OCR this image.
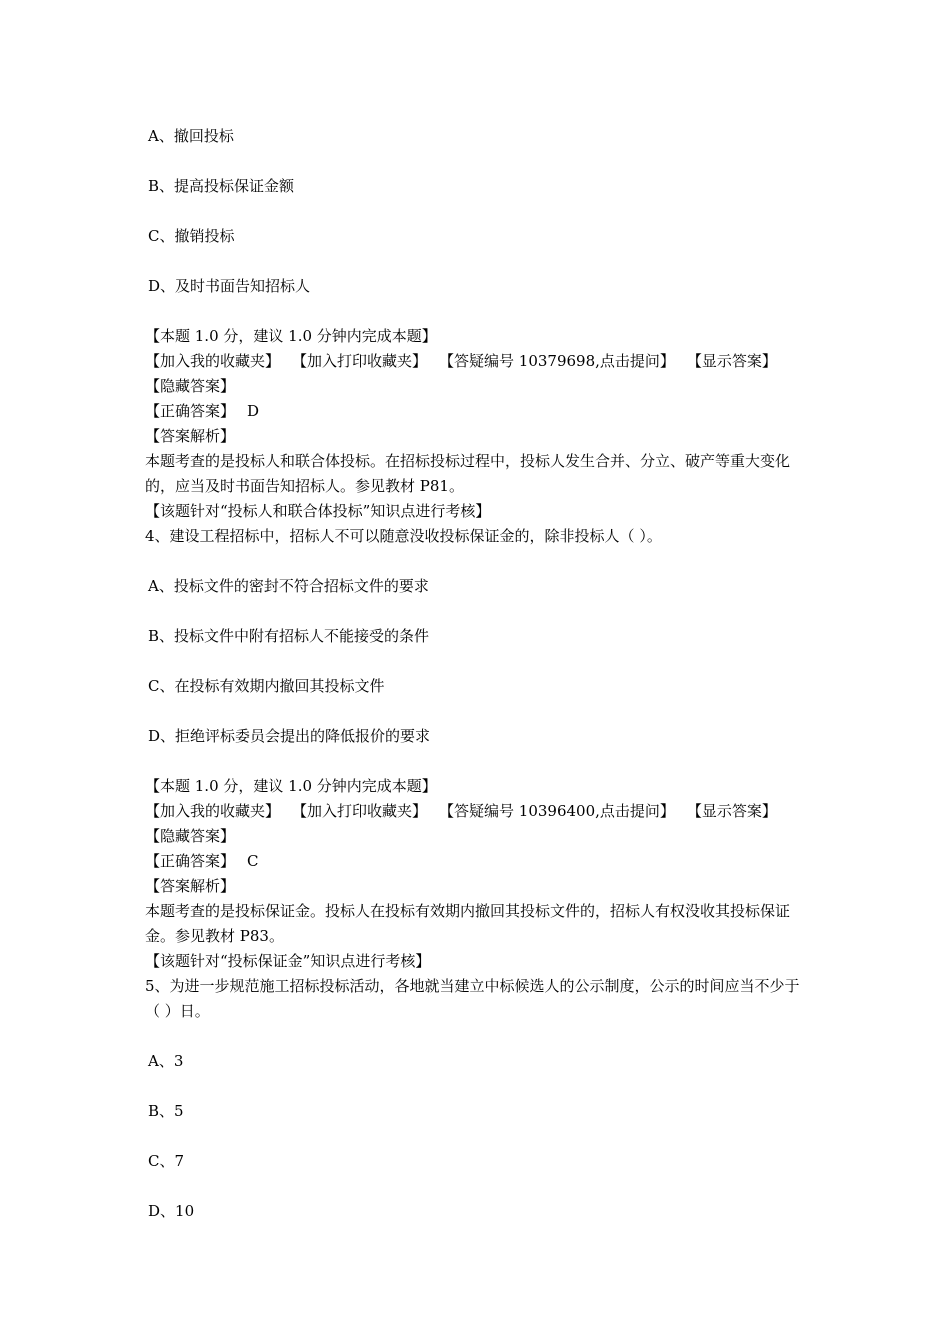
A、撤回投标

B、提高投标保证金额

C、撤销投标

D、及时书面告知招标人

【本题 1.0 分，建议 1.0 分钟内完成本题】

【加入我的收藏夹】 【加入打印收藏夹】 【答疑编号 10379698,点击提问】 【显示答案】【隐藏答案】

【正确答案】 D

【答案解析】

本题考查的是投标人和联合体投标。在招标投标过程中，投标人发生合并、分立、破产等重大变化的，应当及时书面告知招标人。参见教材 P81。

【该题针对“投标人和联合体投标”知识点进行考核】

4、建设工程招标中，招标人不可以随意没收投标保证金的，除非投标人（ ）。

A、投标文件的密封不符合招标文件的要求

B、投标文件中附有招标人不能接受的条件

C、在投标有效期内撤回其投标文件

D、拒绝评标委员会提出的降低报价的要求

【本题 1.0 分，建议 1.0 分钟内完成本题】

【加入我的收藏夹】 【加入打印收藏夹】 【答疑编号 10396400,点击提问】 【显示答案】【隐藏答案】

【正确答案】 C

【答案解析】

本题考查的是投标保证金。投标人在投标有效期内撤回其投标文件的，招标人有权没收其投标保证金。参见教材 P83。

【该题针对“投标保证金”知识点进行考核】

5、为进一步规范施工招标投标活动，各地就当建立中标候选人的公示制度，公示的时间应当不少于（ ）日。

A、3

B、5

C、7

D、10
